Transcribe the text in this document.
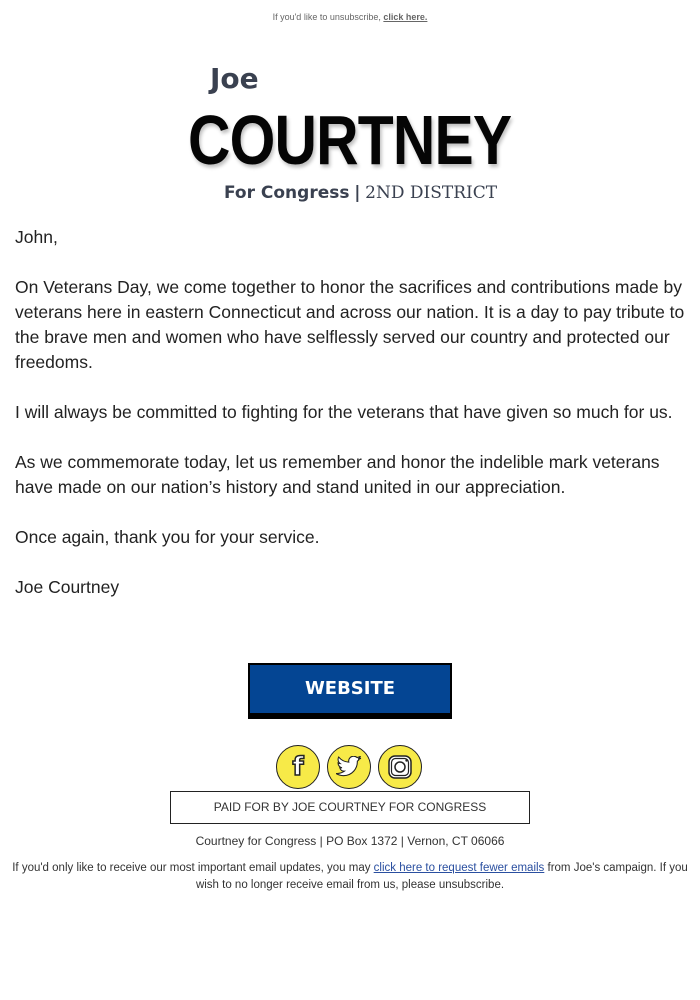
If you'd like to unsubscribe, click here.
Joe
COURTNEY
For Congress | 2ND DISTRICT

John,

On Veterans Day, we come together to honor the sacrifices and contributions made by veterans here in eastern Connecticut and across our nation. It is a day to pay tribute to the brave men and women who have selflessly served our country and protected our freedoms.

I will always be committed to fighting for the veterans that have given so much for us.

As we commemorate today, let us remember and honor the indelible mark veterans have made on our nation’s history and stand united in our appreciation.

Once again, thank you for your service.

Joe Courtney

WEBSITE
f
PAID FOR BY JOE COURTNEY FOR CONGRESS
Courtney for Congress | PO Box 1372 | Vernon, CT 06066
If you'd only like to receive our most important email updates, you may click here to request fewer emails from Joe's campaign. If you wish to no longer receive email from us, please unsubscribe.
